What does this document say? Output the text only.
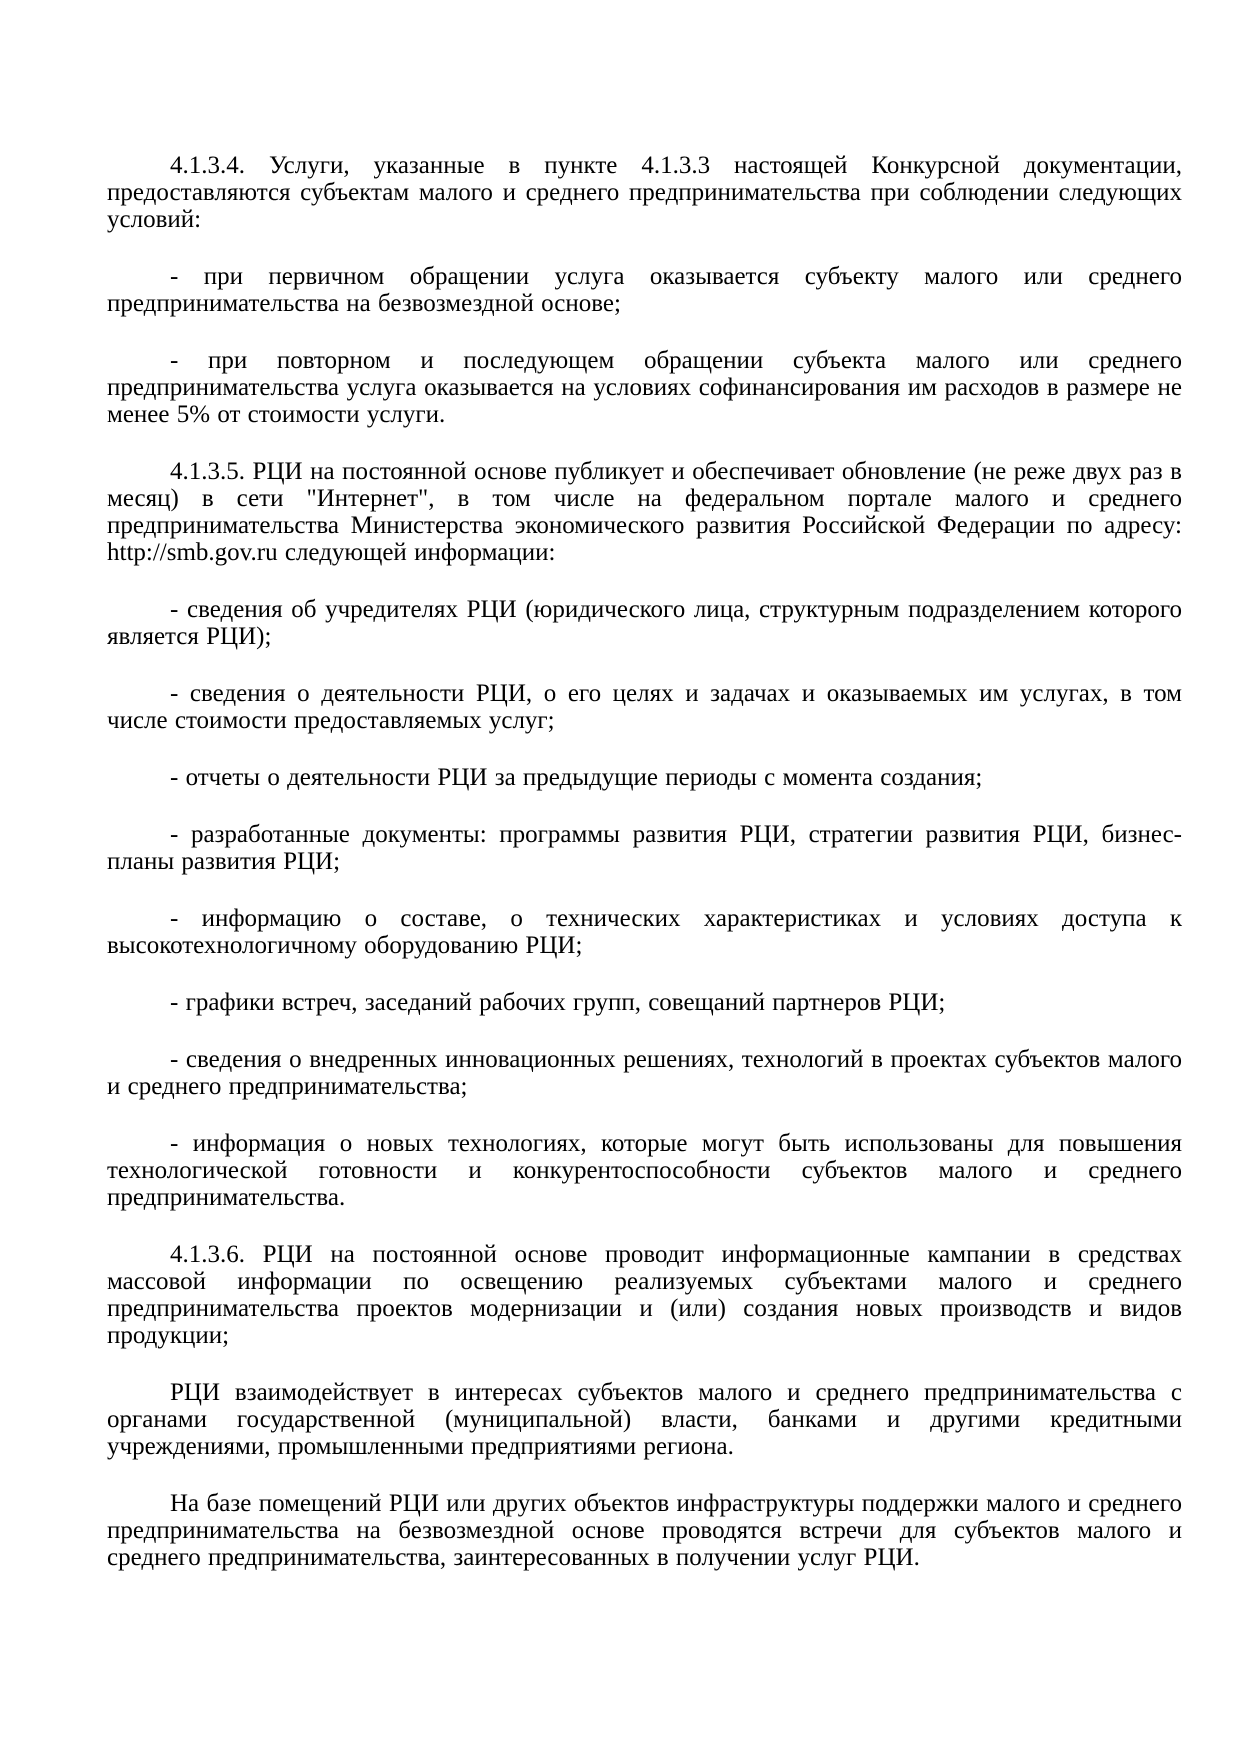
4.1.3.4. Услуги, указанные в пункте 4.1.3.3 настоящей Конкурсной документации, предоставляются субъектам малого и среднего предпринимательства при соблюдении следующих условий:

- при первичном обращении услуга оказывается субъекту малого или среднего предпринимательства на безвозмездной основе;

- при повторном и последующем обращении субъекта малого или среднего предпринимательства услуга оказывается на условиях софинансирования им расходов в размере не менее 5% от стоимости услуги.

4.1.3.5. РЦИ на постоянной основе публикует и обеспечивает обновление (не реже двух раз в месяц) в сети "Интернет", в том числе на федеральном портале малого и среднего предпринимательства Министерства экономического развития Российской Федерации по адресу: http://smb.gov.ru следующей информации:

- сведения об учредителях РЦИ (юридического лица, структурным подразделением которого является РЦИ);

- сведения о деятельности РЦИ, о его целях и задачах и оказываемых им услугах, в том числе стоимости предоставляемых услуг;

- отчеты о деятельности РЦИ за предыдущие периоды с момента создания;

- разработанные документы: программы развития РЦИ, стратегии развития РЦИ, бизнес-планы развития РЦИ;

- информацию о составе, о технических характеристиках и условиях доступа к высокотехнологичному оборудованию РЦИ;

- графики встреч, заседаний рабочих групп, совещаний партнеров РЦИ;

- сведения о внедренных инновационных решениях, технологий в проектах субъектов малого и среднего предпринимательства;

- информация о новых технологиях, которые могут быть использованы для повышения технологической готовности и конкурентоспособности субъектов малого и среднего предпринимательства.

4.1.3.6. РЦИ на постоянной основе проводит информационные кампании в средствах массовой информации по освещению реализуемых субъектами малого и среднего предпринимательства проектов модернизации и (или) создания новых производств и видов продукции;

РЦИ взаимодействует в интересах субъектов малого и среднего предпринимательства с органами государственной (муниципальной) власти, банками и другими кредитными учреждениями, промышленными предприятиями региона.

На базе помещений РЦИ или других объектов инфраструктуры поддержки малого и среднего предпринимательства на безвозмездной основе проводятся встречи для субъектов малого и среднего предпринимательства, заинтересованных в получении услуг РЦИ.
